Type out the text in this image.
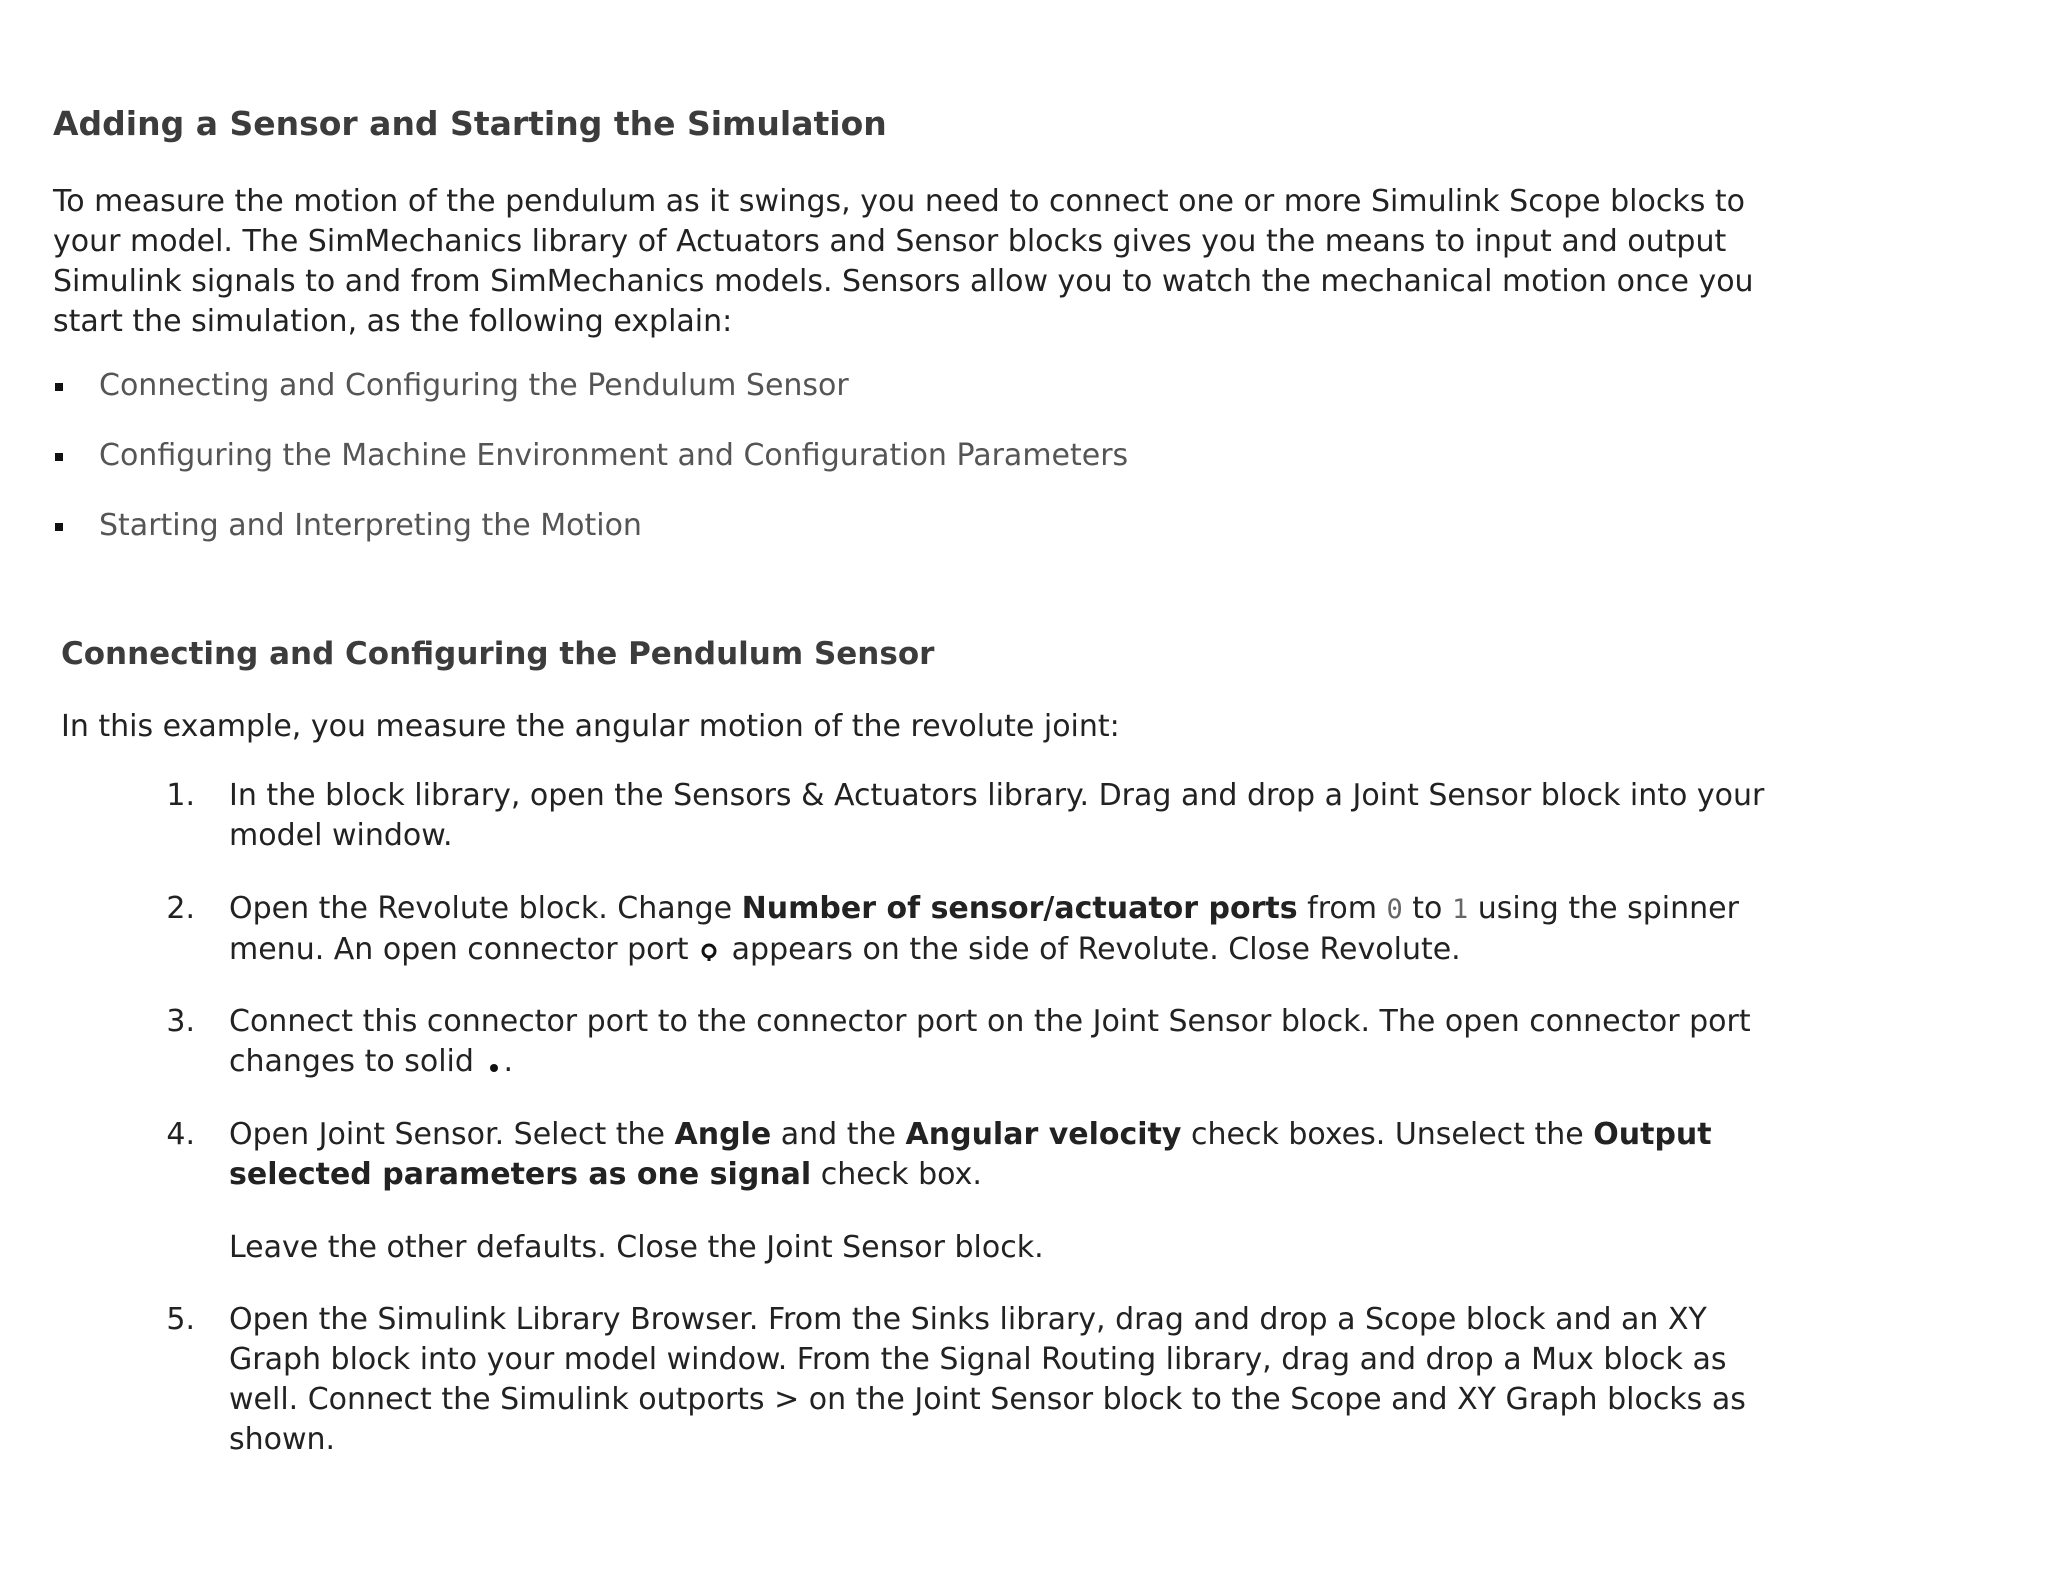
Adding a Sensor and Starting the Simulation

To measure the motion of the pendulum as it swings, you need to connect one or more Simulink Scope blocks to
your model. The SimMechanics library of Actuators and Sensor blocks gives you the means to input and output
Simulink signals to and from SimMechanics models. Sensors allow you to watch the mechanical motion once you
start the simulation, as the following explain:

Connecting and Configuring the Pendulum Sensor
Configuring the Machine Environment and Configuration Parameters
Starting and Interpreting the Motion
Connecting and Configuring the Pendulum Sensor

In this example, you measure the angular motion of the revolute joint:

1. In the block library, open the Sensors & Actuators library. Drag and drop a Joint Sensor block into your
model window.
2. Open the Revolute block. Change Number of sensor/actuator ports from 0 to 1 using the spinner
menu. An open connector port  appears on the side of Revolute. Close Revolute.
3. Connect this connector port to the connector port on the Joint Sensor block. The open connector port
changes to solid .
4. Open Joint Sensor. Select the Angle and the Angular velocity check boxes. Unselect the Output
selected parameters as one signal check box.
Leave the other defaults. Close the Joint Sensor block.
5. Open the Simulink Library Browser. From the Sinks library, drag and drop a Scope block and an XY
Graph block into your model window. From the Signal Routing library, drag and drop a Mux block as
well. Connect the Simulink outports > on the Joint Sensor block to the Scope and XY Graph blocks as
shown.
